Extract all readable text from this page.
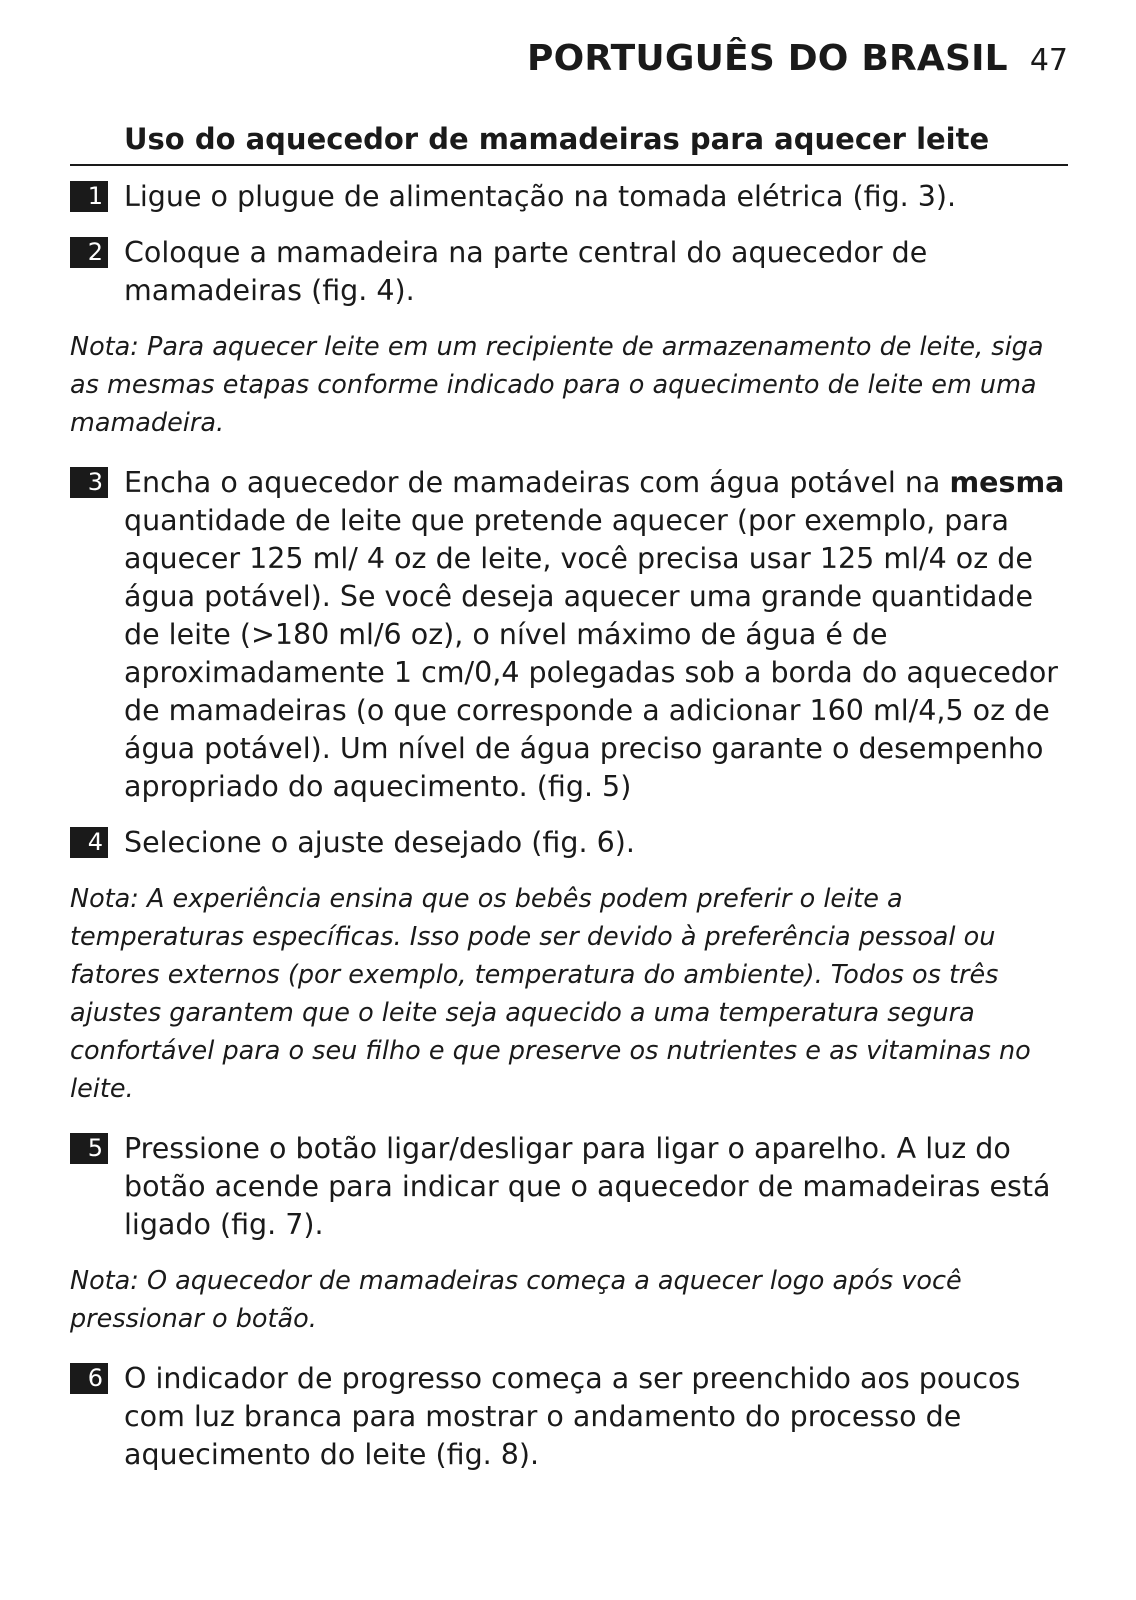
PORTUGUÊS DO BRASIL 47
Uso do aquecedor de mamadeiras para aquecer leite
1 Ligue o plugue de alimentação na tomada elétrica (fig. 3).
2 Coloque a mamadeira na parte central do aquecedor de mamadeiras (fig. 4).
Nota: Para aquecer leite em um recipiente de armazenamento de leite, siga as mesmas etapas conforme indicado para o aquecimento de leite em uma mamadeira.
3 Encha o aquecedor de mamadeiras com água potável na mesma quantidade de leite que pretende aquecer (por exemplo, para aquecer 125 ml/ 4 oz de leite, você precisa usar 125 ml/4 oz de água potável). Se você deseja aquecer uma grande quantidade de leite (>180 ml/6 oz), o nível máximo de água é de aproximadamente 1 cm/0,4 polegadas sob a borda do aquecedor de mamadeiras (o que corresponde a adicionar 160 ml/4,5 oz de água potável). Um nível de água preciso garante o desempenho apropriado do aquecimento. (fig. 5)
4 Selecione o ajuste desejado (fig. 6).
Nota: A experiência ensina que os bebês podem preferir o leite a temperaturas específicas. Isso pode ser devido à preferência pessoal ou fatores externos (por exemplo, temperatura do ambiente). Todos os três ajustes garantem que o leite seja aquecido a uma temperatura segura confortável para o seu filho e que preserve os nutrientes e as vitaminas no leite.
5 Pressione o botão ligar/desligar para ligar o aparelho. A luz do botão acende para indicar que o aquecedor de mamadeiras está ligado (fig. 7).
Nota: O aquecedor de mamadeiras começa a aquecer logo após você pressionar o botão.
6 O indicador de progresso começa a ser preenchido aos poucos com luz branca para mostrar o andamento do processo de aquecimento do leite (fig. 8).
